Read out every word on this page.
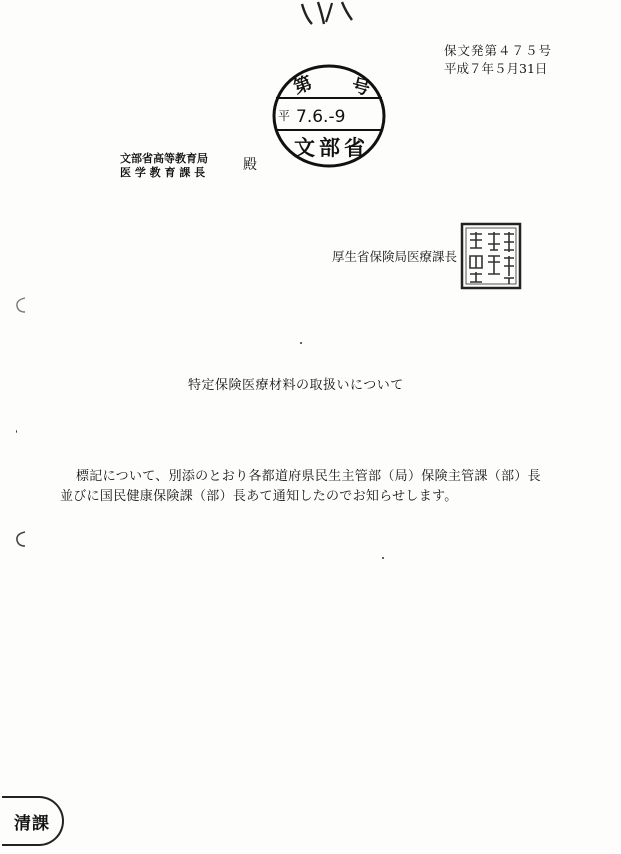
保文発第４７５号
平成７年５月31日
第 号
平 7.6.-9
文部省
文部省高等教育局
医 学 教 育 課 長	殿
厚生省保険局医療課長
特定保険医療材料の取扱いについて
標記について、別添のとおり各都道府県民生主管部（局）保険主管課（部）長
並びに国民健康保険課（部）長あて通知したのでお知らせします。
清課
